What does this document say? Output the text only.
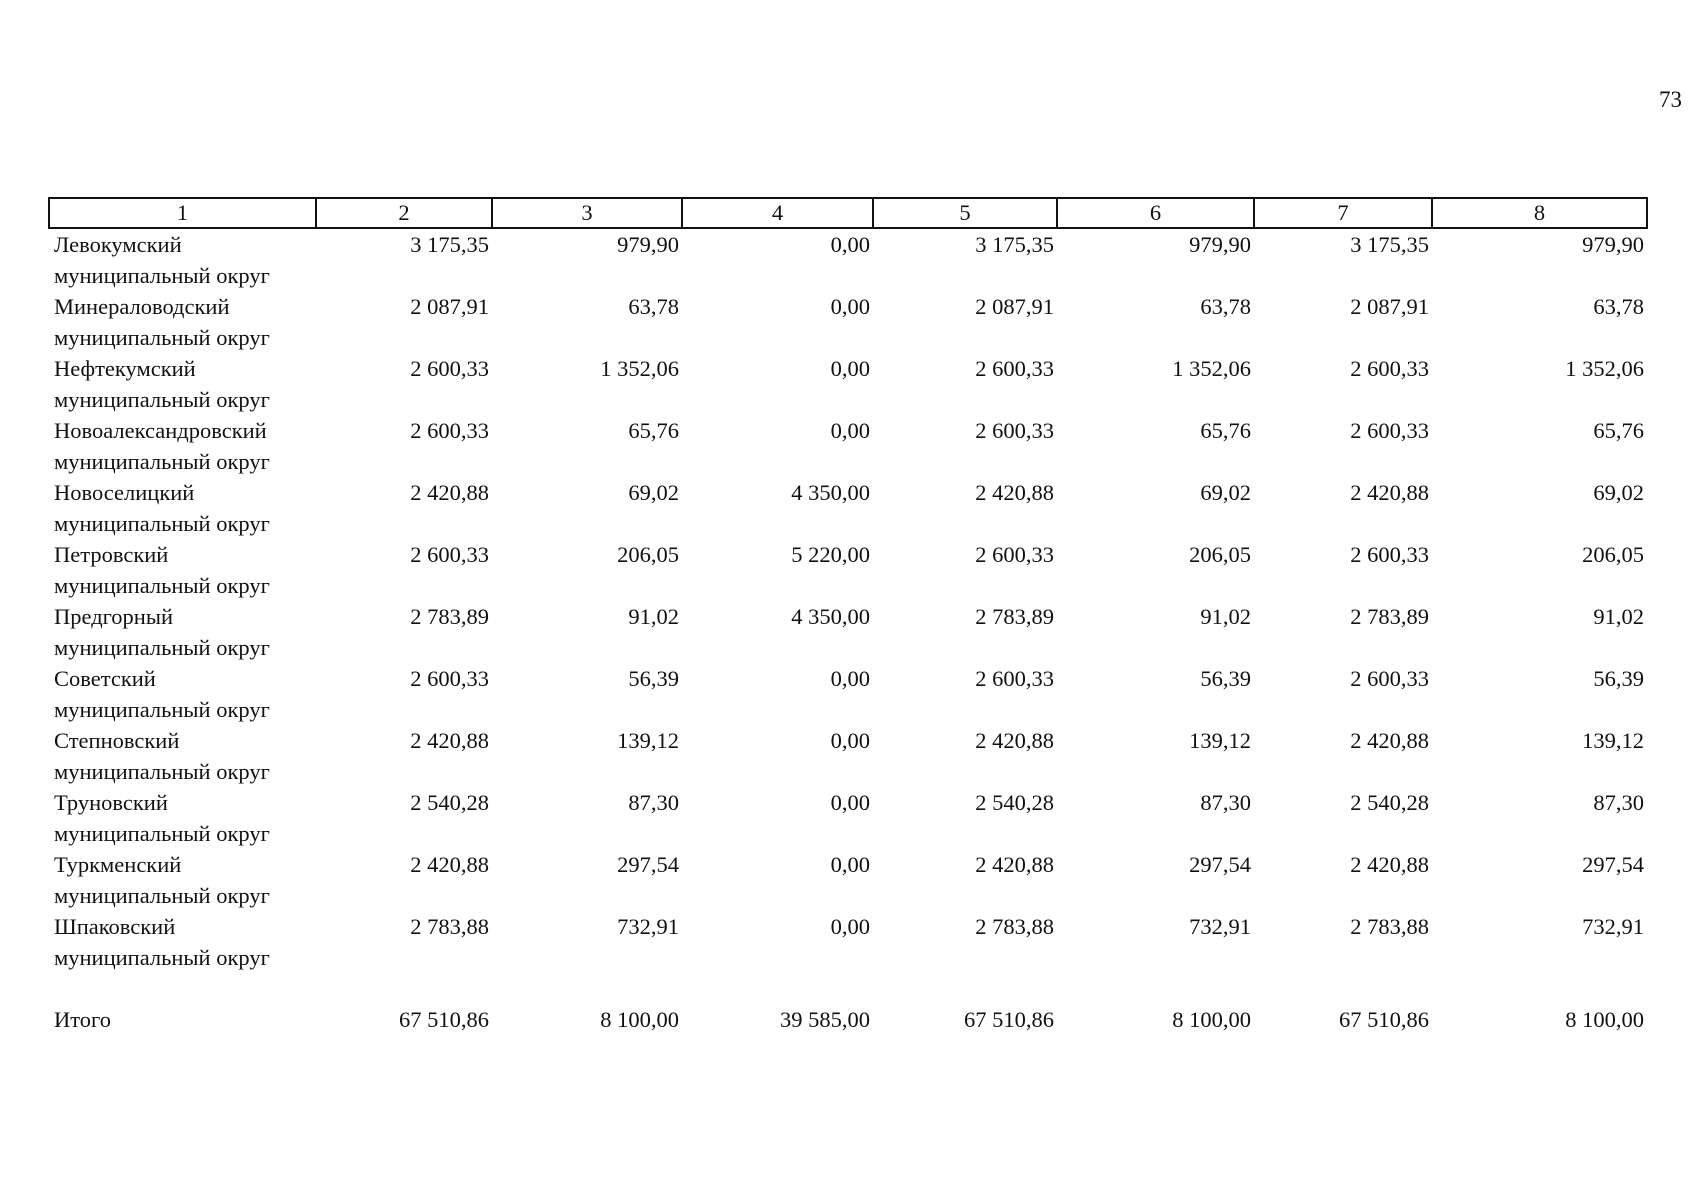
73
1	2	3	4	5	6	7	8

Левокумский
муниципальный округ	3 175,35	979,90	0,00	3 175,35	979,90	3 175,35	979,90

Минераловодский
муниципальный округ	2 087,91	63,78	0,00	2 087,91	63,78	2 087,91	63,78

Нефтекумский
муниципальный округ	2 600,33	1 352,06	0,00	2 600,33	1 352,06	2 600,33	1 352,06

Новоалександровский
муниципальный округ	2 600,33	65,76	0,00	2 600,33	65,76	2 600,33	65,76

Новоселицкий
муниципальный округ	2 420,88	69,02	4 350,00	2 420,88	69,02	2 420,88	69,02

Петровский
муниципальный округ	2 600,33	206,05	5 220,00	2 600,33	206,05	2 600,33	206,05

Предгорный
муниципальный округ	2 783,89	91,02	4 350,00	2 783,89	91,02	2 783,89	91,02

Советский
муниципальный округ	2 600,33	56,39	0,00	2 600,33	56,39	2 600,33	56,39

Степновский
муниципальный округ	2 420,88	139,12	0,00	2 420,88	139,12	2 420,88	139,12

Труновский
муниципальный округ	2 540,28	87,30	0,00	2 540,28	87,30	2 540,28	87,30

Туркменский
муниципальный округ	2 420,88	297,54	0,00	2 420,88	297,54	2 420,88	297,54

Шпаковский
муниципальный округ	2 783,88	732,91	0,00	2 783,88	732,91	2 783,88	732,91

Итого	67 510,86	8 100,00	39 585,00	67 510,86	8 100,00	67 510,86	8 100,00
